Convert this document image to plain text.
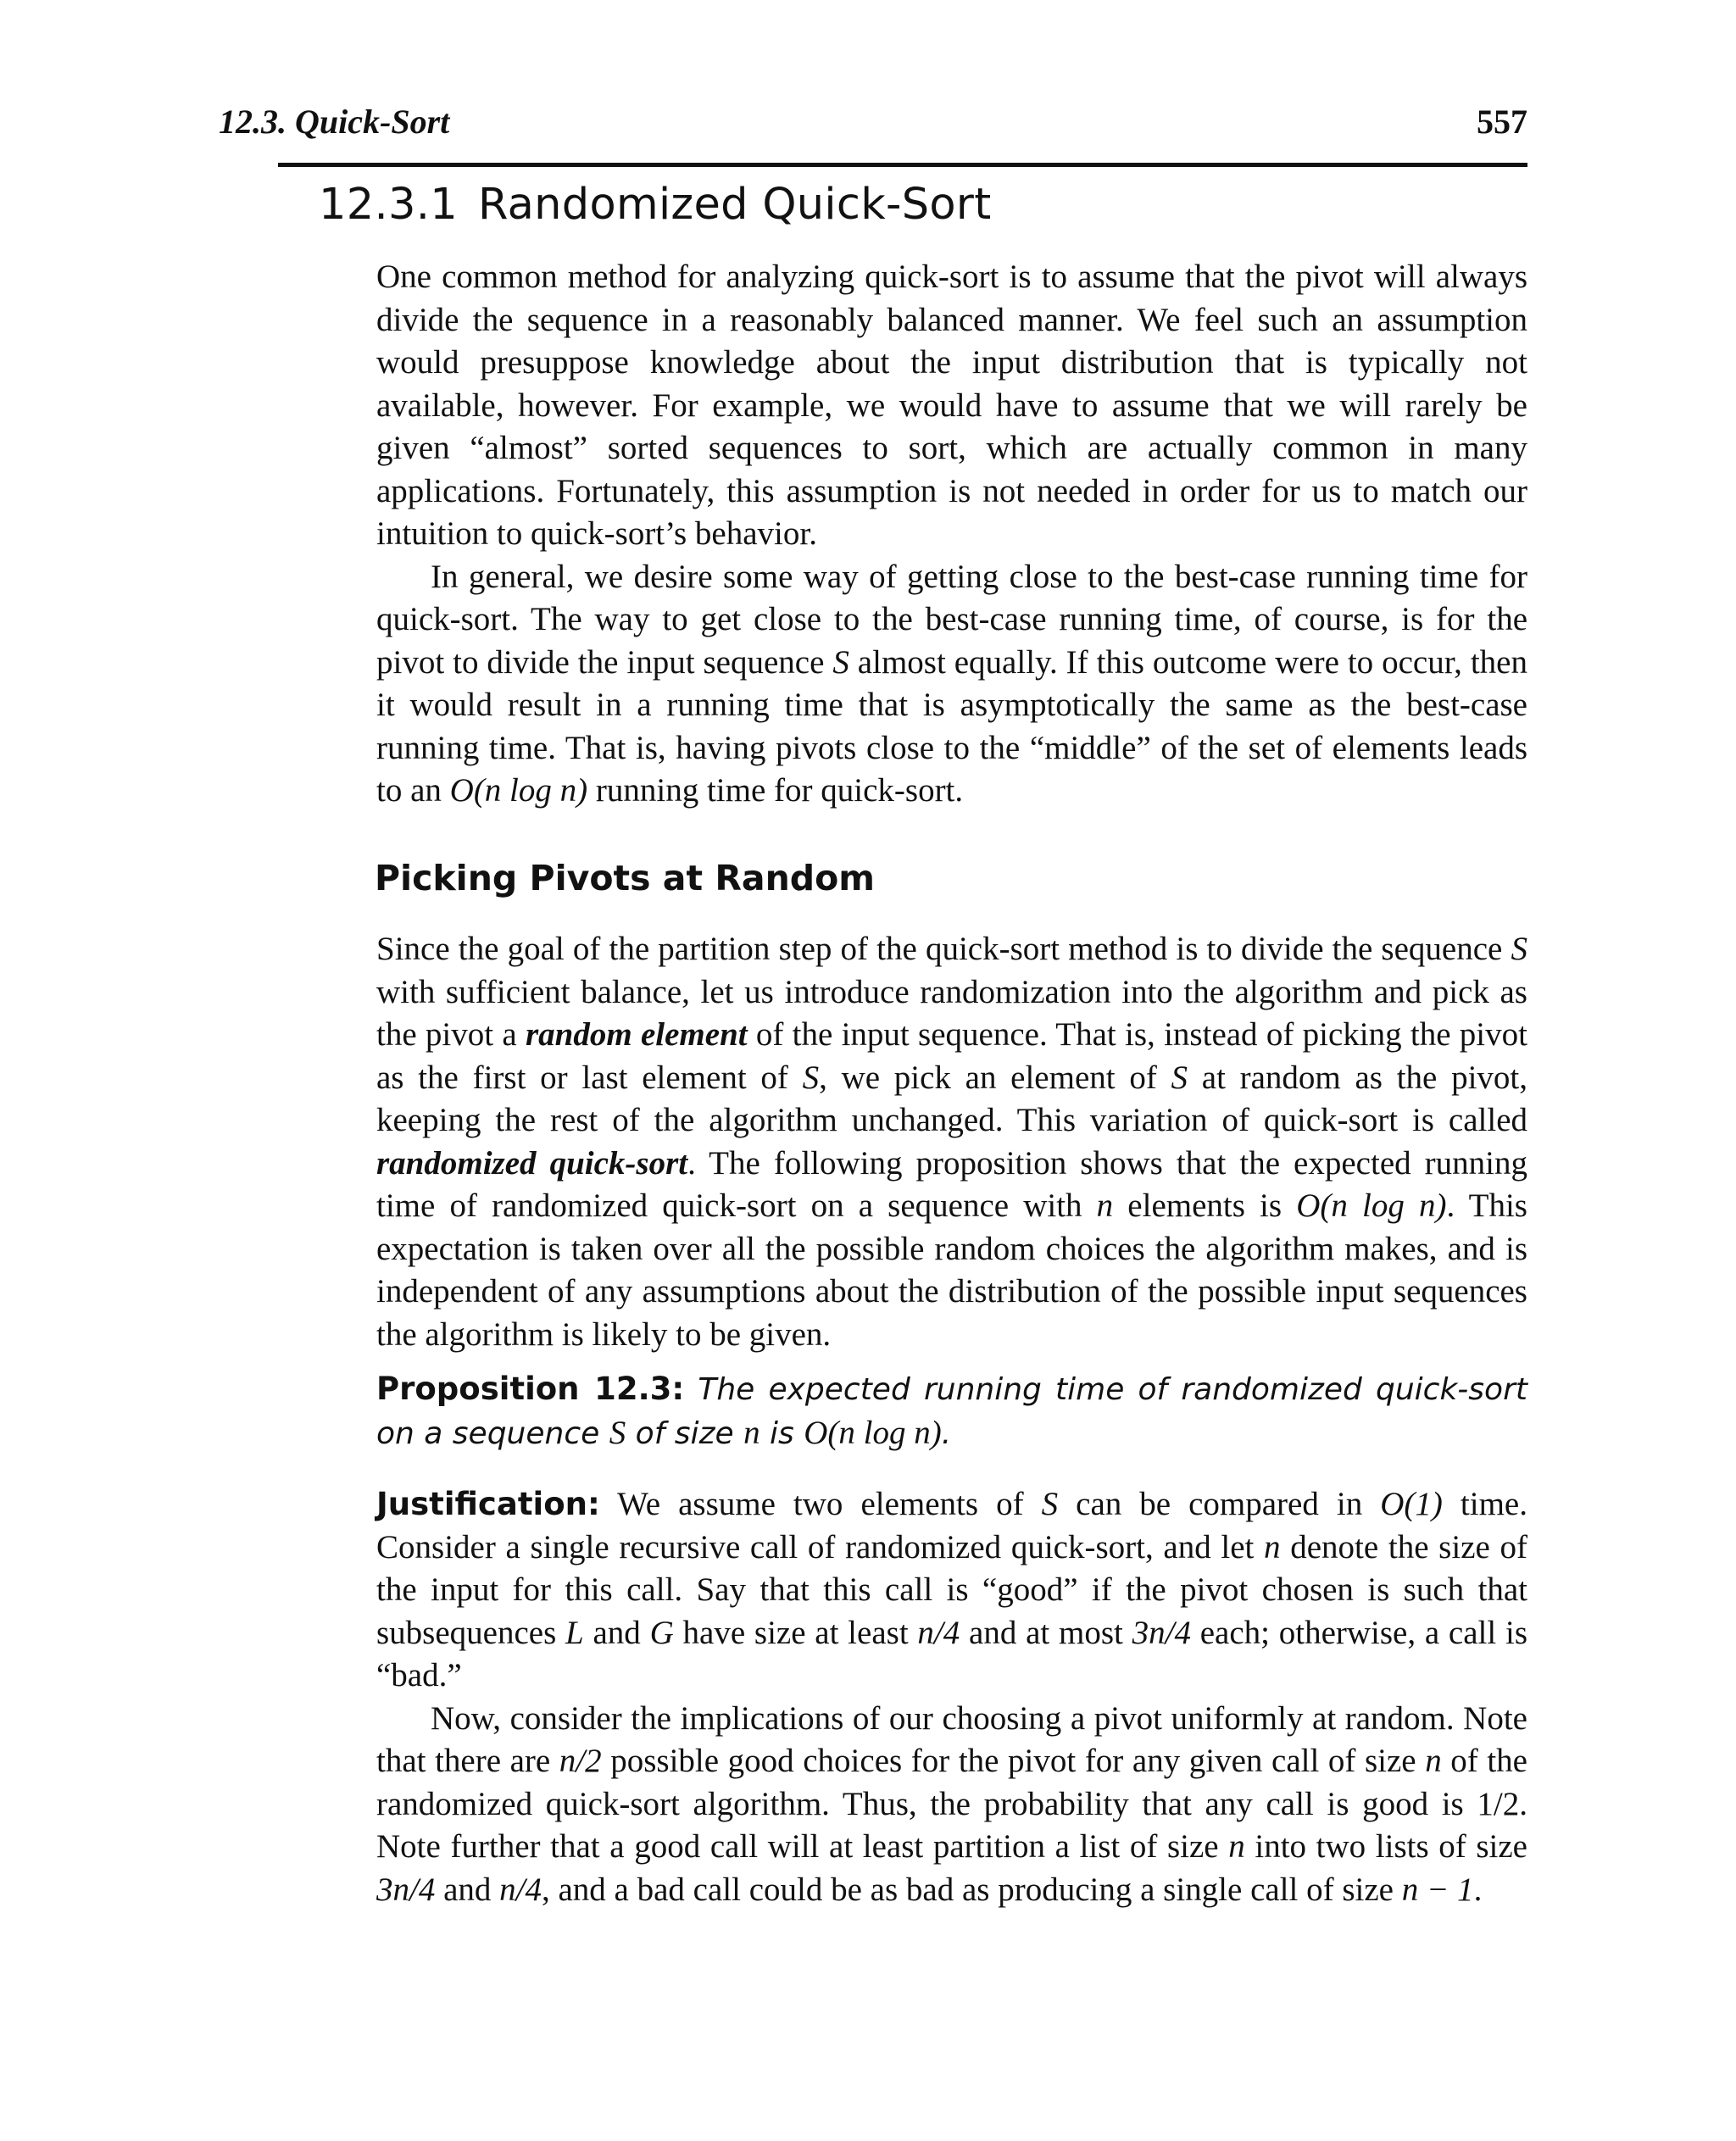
12.3. Quick-Sort	557
12.3.1 Randomized Quick-Sort

One common method for analyzing quick-sort is to assume that the pivot will always divide the sequence in a reasonably balanced manner. We feel such an assumption would presuppose knowledge about the input distribution that is typically not available, however. For example, we would have to assume that we will rarely be given “almost” sorted sequences to sort, which are actually common in many applications. Fortunately, this assumption is not needed in order for us to match our intuition to quick-sort’s behavior.

In general, we desire some way of getting close to the best-case running time for quick-sort. The way to get close to the best-case running time, of course, is for the pivot to divide the input sequence S almost equally. If this outcome were to occur, then it would result in a running time that is asymptotically the same as the best-case running time. That is, having pivots close to the “middle” of the set of elements leads to an O(n log n) running time for quick-sort.

Picking Pivots at Random

Since the goal of the partition step of the quick-sort method is to divide the sequence S with sufficient balance, let us introduce randomization into the algorithm and pick as the pivot a random element of the input sequence. That is, instead of picking the pivot as the first or last element of S, we pick an element of S at random as the pivot, keeping the rest of the algorithm unchanged. This variation of quick-sort is called randomized quick-sort. The following proposition shows that the expected running time of randomized quick-sort on a sequence with n elements is O(n log n). This expectation is taken over all the possible random choices the algorithm makes, and is independent of any assumptions about the distribution of the possible input sequences the algorithm is likely to be given.

Proposition 12.3: The expected running time of randomized quick-sort on a sequence S of size n is O(n log n).

Justification: We assume two elements of S can be compared in O(1) time. Consider a single recursive call of randomized quick-sort, and let n denote the size of the input for this call. Say that this call is “good” if the pivot chosen is such that subsequences L and G have size at least n/4 and at most 3n/4 each; otherwise, a call is “bad.”

Now, consider the implications of our choosing a pivot uniformly at random. Note that there are n/2 possible good choices for the pivot for any given call of size n of the randomized quick-sort algorithm. Thus, the probability that any call is good is 1/2. Note further that a good call will at least partition a list of size n into two lists of size 3n/4 and n/4, and a bad call could be as bad as producing a single call of size n − 1.
